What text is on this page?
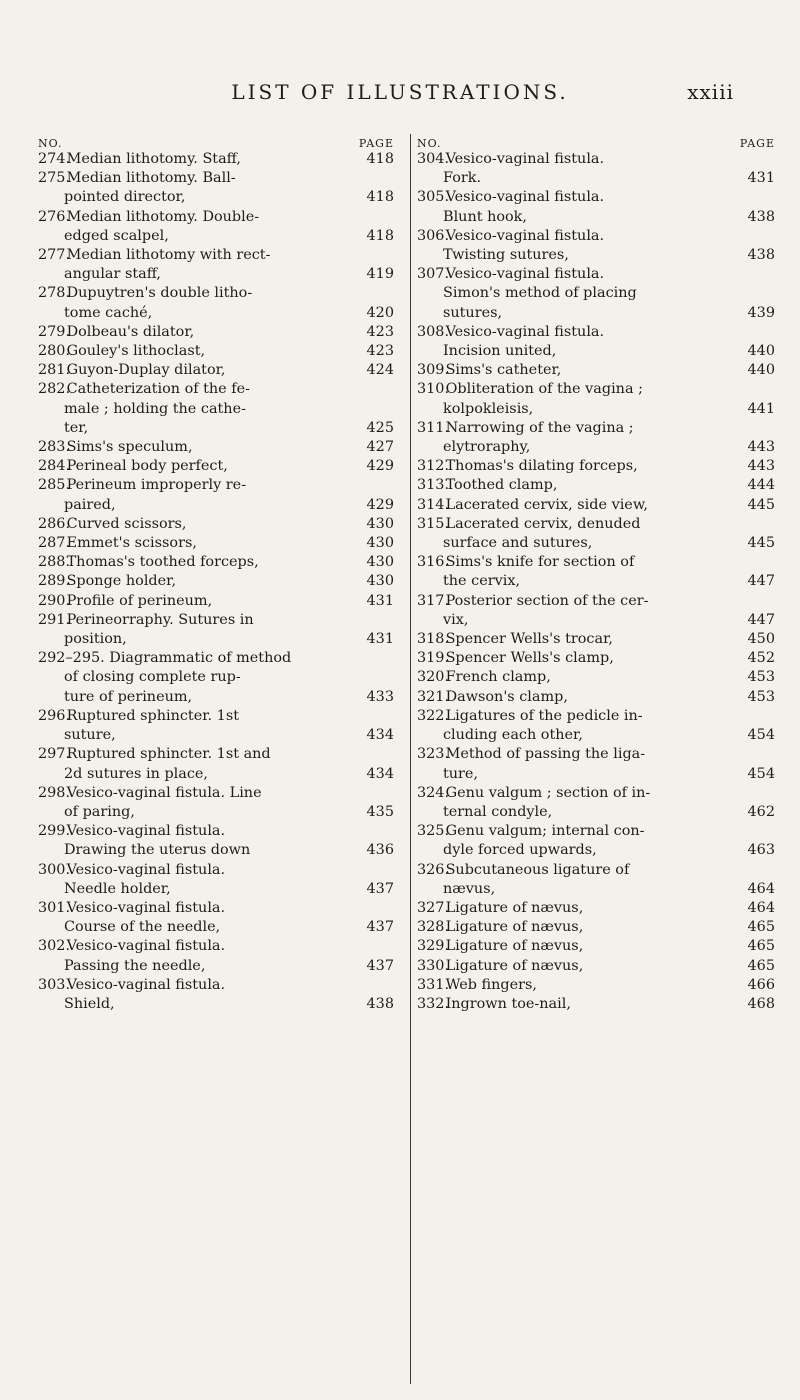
LIST OF ILLUSTRATIONS.	xxiii
NO.	PAGE
274. Median lithotomy. Staff,	418
275. Median lithotomy. Ball-
pointed director,	418
276. Median lithotomy. Double-
edged scalpel,	418
277. Median lithotomy with rect-
angular staff,	419
278. Dupuytren's double litho-
tome caché,	420
279. Dolbeau's dilator,	423
280. Gouley's lithoclast,	423
281. Guyon-Duplay dilator,	424
282. Catheterization of the fe-
male ; holding the cathe-
ter,	425
283. Sims's speculum,	427
284. Perineal body perfect,	429
285. Perineum improperly re-
paired,	429
286. Curved scissors,	430
287. Emmet's scissors,	430
288. Thomas's toothed forceps,	430
289. Sponge holder,	430
290. Profile of perineum,	431
291. Perineorraphy. Sutures in
position,	431
292–295. Diagrammatic of method
of closing complete rup-
ture of perineum,	433
296. Ruptured sphincter. 1st
suture,	434
297. Ruptured sphincter. 1st and
2d sutures in place,	434
298. Vesico-vaginal fistula. Line
of paring,	435
299. Vesico-vaginal fistula.
Drawing the uterus down	436
300. Vesico-vaginal fistula.
Needle holder,	437
301. Vesico-vaginal fistula.
Course of the needle,	437
302. Vesico-vaginal fistula.
Passing the needle,	437
303. Vesico-vaginal fistula.
Shield,	438
NO.	PAGE
304. Vesico-vaginal fistula.
Fork.	431
305. Vesico-vaginal fistula.
Blunt hook,	438
306. Vesico-vaginal fistula.
Twisting sutures,	438
307. Vesico-vaginal fistula.
Simon's method of placing
sutures,	439
308. Vesico-vaginal fistula.
Incision united,	440
309. Sims's catheter,	440
310. Obliteration of the vagina ;
kolpokleisis,	441
311. Narrowing of the vagina ;
elytroraphy,	443
312. Thomas's dilating forceps,	443
313. Toothed clamp,	444
314. Lacerated cervix, side view,	445
315. Lacerated cervix, denuded
surface and sutures,	445
316. Sims's knife for section of
the cervix,	447
317. Posterior section of the cer-
vix,	447
318. Spencer Wells's trocar,	450
319. Spencer Wells's clamp,	452
320. French clamp,	453
321. Dawson's clamp,	453
322. Ligatures of the pedicle in-
cluding each other,	454
323. Method of passing the liga-
ture,	454
324. Genu valgum ; section of in-
ternal condyle,	462
325. Genu valgum; internal con-
dyle forced upwards,	463
326. Subcutaneous ligature of
nævus,	464
327. Ligature of nævus,	464
328. Ligature of nævus,	465
329. Ligature of nævus,	465
330. Ligature of nævus,	465
331. Web fingers,	466
332. Ingrown toe-nail,	468
